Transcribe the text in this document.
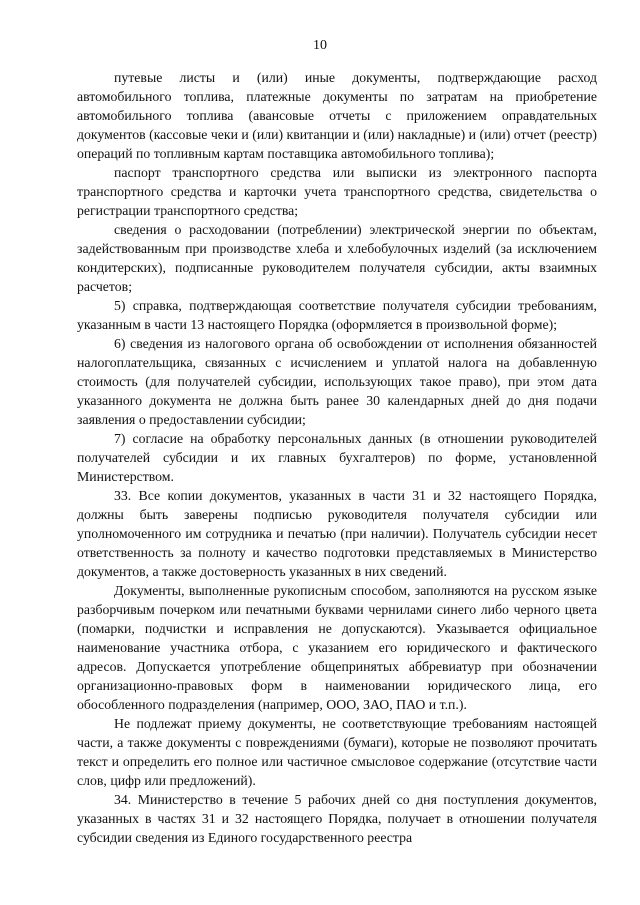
10

путевые листы и (или) иные документы, подтверждающие расход автомобильного топлива, платежные документы по затратам на приобретение автомобильного топлива (авансовые отчеты с приложением оправдательных документов (кассовые чеки и (или) квитанции и (или) накладные) и (или) отчет (реестр) операций по топливным картам поставщика автомобильного топлива);

паспорт транспортного средства или выписки из электронного паспорта транспортного средства и карточки учета транспортного средства, свидетельства о регистрации транспортного средства;

сведения о расходовании (потреблении) электрической энергии по объектам, задействованным при производстве хлеба и хлебобулочных изделий (за исключением кондитерских), подписанные руководителем получателя субсидии, акты взаимных расчетов;

5) справка, подтверждающая соответствие получателя субсидии требованиям, указанным в части 13 настоящего Порядка (оформляется в произвольной форме);

6) сведения из налогового органа об освобождении от исполнения обязанностей налогоплательщика, связанных с исчислением и уплатой налога на добавленную стоимость (для получателей субсидии, использующих такое право), при этом дата указанного документа не должна быть ранее 30 календарных дней до дня подачи заявления о предоставлении субсидии;

7) согласие на обработку персональных данных (в отношении руководителей получателей субсидии и их главных бухгалтеров) по форме, установленной Министерством.

33. Все копии документов, указанных в части 31 и 32 настоящего Порядка, должны быть заверены подписью руководителя получателя субсидии или уполномоченного им сотрудника и печатью (при наличии). Получатель субсидии несет ответственность за полноту и качество подготовки представляемых в Министерство документов, а также достоверность указанных в них сведений.

Документы, выполненные рукописным способом, заполняются на русском языке разборчивым почерком или печатными буквами чернилами синего либо черного цвета (помарки, подчистки и исправления не допускаются). Указывается официальное наименование участника отбора, с указанием его юридического и фактического адресов. Допускается употребление общепринятых аббревиатур при обозначении организационно-правовых форм в наименовании юридического лица, его обособленного подразделения (например, ООО, ЗАО, ПАО и т.п.).

Не подлежат приему документы, не соответствующие требованиям настоящей части, а также документы с повреждениями (бумаги), которые не позволяют прочитать текст и определить его полное или частичное смысловое содержание (отсутствие части слов, цифр или предложений).

34. Министерство в течение 5 рабочих дней со дня поступления документов, указанных в частях 31 и 32 настоящего Порядка, получает в отношении получателя субсидии сведения из Единого государственного реестра
